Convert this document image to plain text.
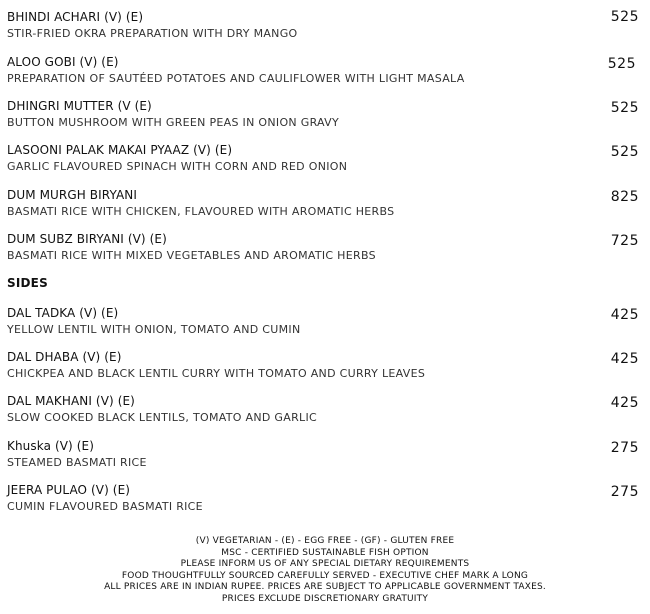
BHINDI ACHARI (V) (E)
STIR-FRIED OKRA PREPARATION WITH DRY MANGO
525
ALOO GOBI (V) (E)
PREPARATION OF SAUTÉED POTATOES AND CAULIFLOWER WITH LIGHT MASALA
525
DHINGRI MUTTER (V (E)
BUTTON MUSHROOM WITH GREEN PEAS IN ONION GRAVY
525
LASOONI PALAK MAKAI PYAAZ (V) (E)
GARLIC FLAVOURED SPINACH WITH CORN AND RED ONION
525
DUM MURGH BIRYANI
BASMATI RICE WITH CHICKEN, FLAVOURED WITH AROMATIC HERBS
825
DUM SUBZ BIRYANI (V) (E)
BASMATI RICE WITH MIXED VEGETABLES AND AROMATIC HERBS
725
SIDES
DAL TADKA (V) (E)
YELLOW LENTIL WITH ONION, TOMATO AND CUMIN
425
DAL DHABA (V) (E)
CHICKPEA AND BLACK LENTIL CURRY WITH TOMATO AND CURRY LEAVES
425
DAL MAKHANI (V) (E)
SLOW COOKED BLACK LENTILS, TOMATO AND GARLIC
425
Khuska (V) (E)
STEAMED BASMATI RICE
275
JEERA PULAO (V) (E)
CUMIN FLAVOURED BASMATI RICE
275
(V) VEGETARIAN - (E) - EGG FREE - (GF) - GLUTEN FREE
MSC - CERTIFIED SUSTAINABLE FISH OPTION
PLEASE INFORM US OF ANY SPECIAL DIETARY REQUIREMENTS
FOOD THOUGHTFULLY SOURCED CAREFULLY SERVED - EXECUTIVE CHEF MARK A LONG
ALL PRICES ARE IN INDIAN RUPEE. PRICES ARE SUBJECT TO APPLICABLE GOVERNMENT TAXES.
PRICES EXCLUDE DISCRETIONARY GRATUITY
